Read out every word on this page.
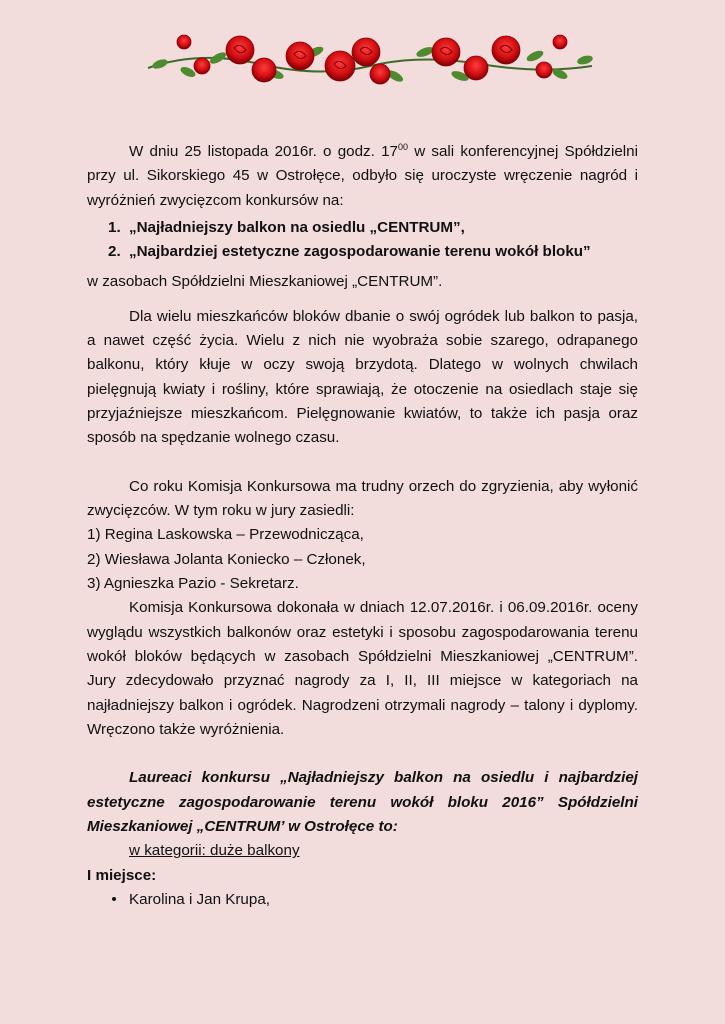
W dniu 25 listopada 2016r. o godz. $17^{00}$ w sali konferencyjnej Spółdzielni przy ul. Sikorskiego 45 w Ostrołęce, odbyło się uroczyste wręczenie nagród i wyróżnień zwycięzcom konkursów na:

1. „Najładniejszy balkon na osiedlu „CENTRUM”,
2. „Najbardziej estetyczne zagospodarowanie terenu wokół bloku”

w zasobach Spółdzielni Mieszkaniowej „CENTRUM”.

Dla wielu mieszkańców bloków dbanie o swój ogródek lub balkon to pasja, a nawet część życia. Wielu z nich nie wyobraża sobie szarego, odrapanego balkonu, który kłuje w oczy swoją brzydotą. Dlatego w wolnych chwilach pielęgnują kwiaty i rośliny, które sprawiają, że otoczenie na osiedlach staje się przyjaźniejsze mieszkańcom. Pielęgnowanie kwiatów, to także ich pasja oraz sposób na spędzanie wolnego czasu.

Co roku Komisja Konkursowa ma trudny orzech do zgryzienia, aby wyłonić zwycięzców. W tym roku w jury zasiedli:

1) Regina Laskowska – Przewodnicząca,

2) Wiesława Jolanta Koniecko – Członek,

3) Agnieszka Pazio - Sekretarz.

Komisja Konkursowa dokonała w dniach 12.07.2016r. i 06.09.2016r. oceny wyglądu wszystkich balkonów oraz estetyki i sposobu zagospodarowania terenu wokół bloków będących w zasobach Spółdzielni Mieszkaniowej „CENTRUM”. Jury zdecydowało przyznać nagrody za I, II, III miejsce w kategoriach na najładniejszy balkon i ogródek. Nagrodzeni otrzymali nagrody – talony i dyplomy. Wręczono także wyróżnienia.

Laureaci konkursu „Najładniejszy balkon na osiedlu i najbardziej estetyczne zagospodarowanie terenu wokół bloku 2016” Spółdzielni Mieszkaniowej „CENTRUM’ w Ostrołęce to:

w kategorii: duże balkony

I miejsce:

• Karolina i Jan Krupa,
